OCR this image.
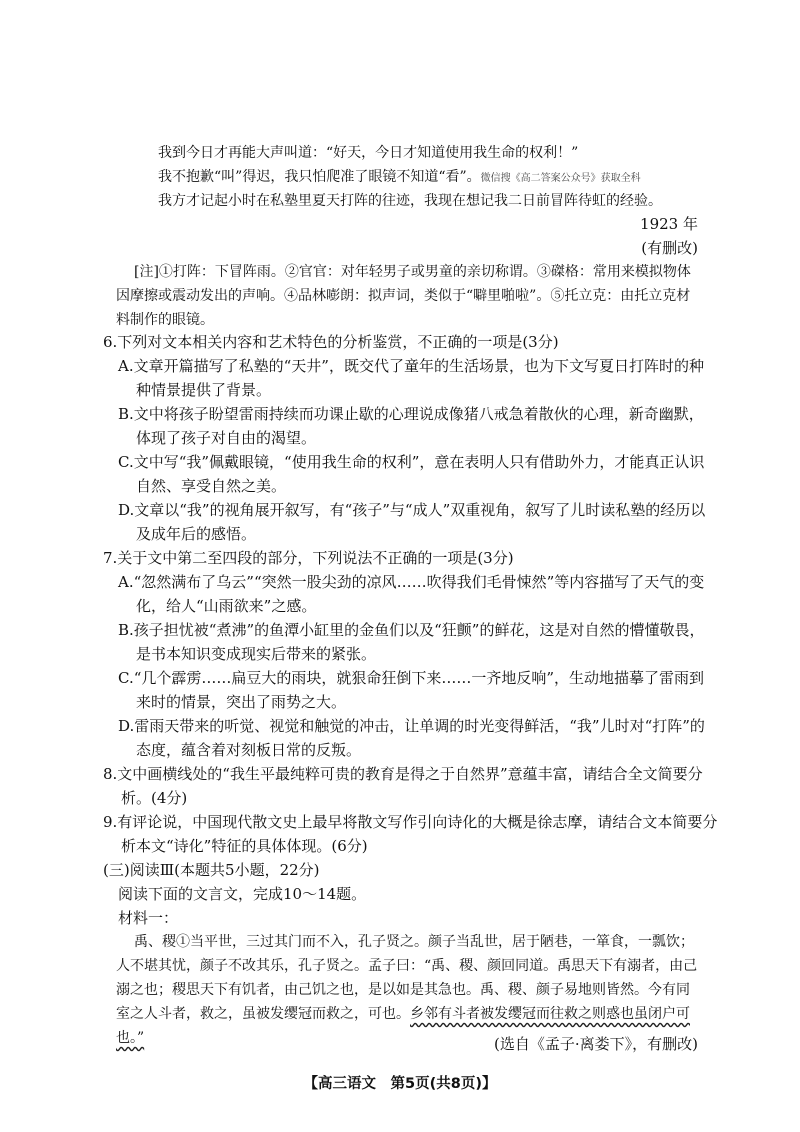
我到今日才再能大声叫道：“好天，今日才知道使用我生命的权利！”
我不抱歉“叫”得迟，我只怕爬准了眼镜不知道“看”。微信搜《高二答案公众号》获取全科
我方才记起小时在私塾里夏天打阵的往迹，我现在想记我二日前冒阵待虹的经验。
1923 年
(有删改)
[注]①打阵：下冒阵雨。②官官：对年轻男子或男童的亲切称谓。③磔格：常用来模拟物体因摩擦或震动发出的声响。④品林嘭朗：拟声词，类似于“噼里啪啦”。⑤托立克：由托立克材料制作的眼镜。
6.下列对文本相关内容和艺术特色的分析鉴赏，不正确的一项是(3分)
A.文章开篇描写了私塾的“天井”，既交代了童年的生活场景，也为下文写夏日打阵时的种种情景提供了背景。
B.文中将孩子盼望雷雨持续而功课止歇的心理说成像猪八戒急着散伙的心理，新奇幽默，体现了孩子对自由的渴望。
C.文中写“我”佩戴眼镜，“使用我生命的权利”，意在表明人只有借助外力，才能真正认识自然、享受自然之美。
D.文章以“我”的视角展开叙写，有“孩子”与“成人”双重视角，叙写了儿时读私塾的经历以及成年后的感悟。
7.关于文中第二至四段的部分，下列说法不正确的一项是(3分)
A.“忽然满布了乌云”“突然一股尖劲的凉风……吹得我们毛骨悚然”等内容描写了天气的变化，给人“山雨欲来”之感。
B.孩子担忧被“煮沸”的鱼潭小缸里的金鱼们以及“狂颤”的鲜花，这是对自然的懵懂敬畏，是书本知识变成现实后带来的紧张。
C.“几个霹雳……扁豆大的雨块，就狠命狂倒下来……一齐地反响”，生动地描摹了雷雨到来时的情景，突出了雨势之大。
D.雷雨天带来的听觉、视觉和触觉的冲击，让单调的时光变得鲜活，“我”儿时对“打阵”的态度，蕴含着对刻板日常的反叛。
8.文中画横线处的“我生平最纯粹可贵的教育是得之于自然界”意蕴丰富，请结合全文简要分析。(4分)
9.有评论说，中国现代散文史上最早将散文写作引向诗化的大概是徐志摩，请结合文本简要分析本文“诗化”特征的具体体现。(6分)
(三)阅读Ⅲ(本题共5小题，22分)
阅读下面的文言文，完成10～14题。
材料一：
禹、稷①当平世，三过其门而不入，孔子贤之。颜子当乱世，居于陋巷，一箪食，一瓢饮；人不堪其忧，颜子不改其乐，孔子贤之。孟子曰：“禹、稷、颜回同道。禹思天下有溺者，由己溺之也；稷思天下有饥者，由己饥之也，是以如是其急也。禹、稷、颜子易地则皆然。今有同室之人斗者，救之，虽被发缨冠而救之，可也。乡邻有斗者被发缨冠而往救之则惑也虽闭户可也。”	(选自《孟子·离娄下》，有删改)
【高三语文　第5页(共8页)】
